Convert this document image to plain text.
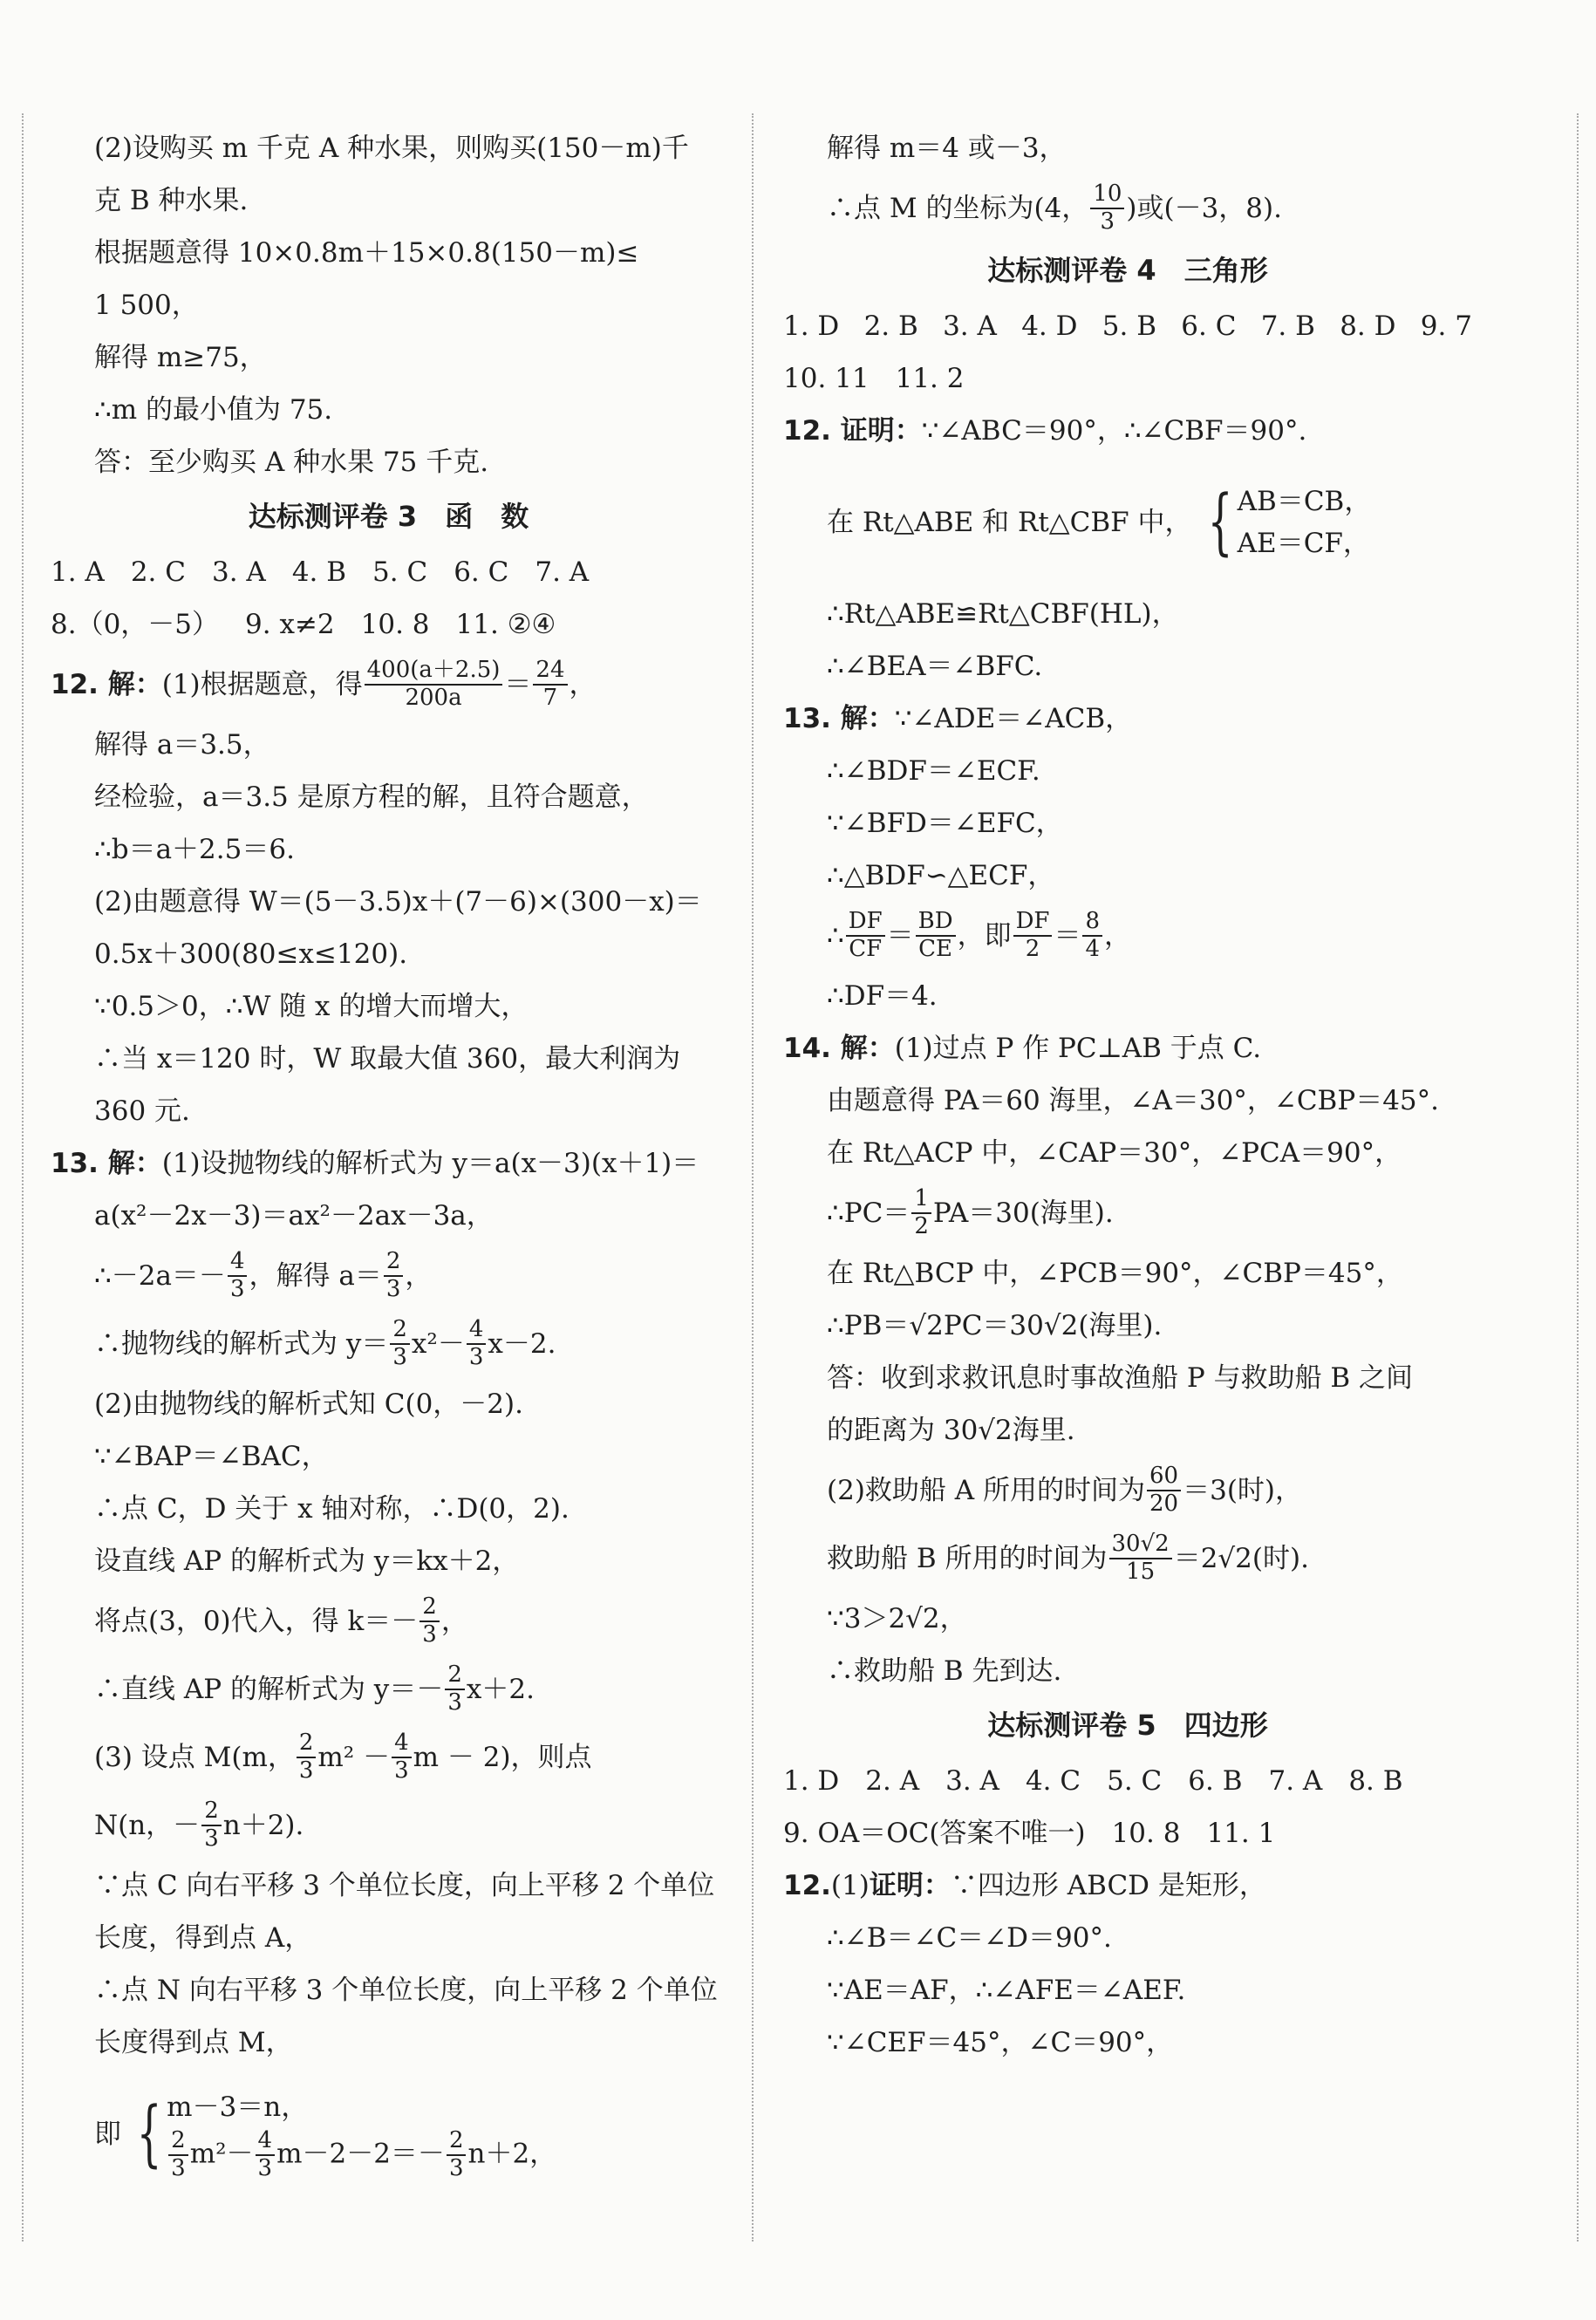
(2)设购买 m 千克 A 种水果，则购买(150－m)千
克 B 种水果.
根据题意得 10×0.8m＋15×0.8(150－m)≤
1 500，
解得 m≥75，
∴m 的最小值为 75.
答：至少购买 A 种水果 75 千克.
达标测评卷 3　函　数
1. A 2. C 3. A 4. B 5. C 6. C 7. A
8.（0，－5） 9. x≠2 10. 8 11. ②④
12. 解： (1)根据题意，得 $\frac{400(a+2.5)}{200a} = \frac{24}{7}$ ，
解得 a＝3.5，
经检验，a＝3.5 是原方程的解，且符合题意，
∴b＝a＋2.5＝6.
(2)由题意得 W＝(5－3.5)x＋(7－6)×(300－x)＝
0.5x＋300(80≤x≤120).
∵0.5＞0，∴W 随 x 的增大而增大，
∴当 x＝120 时，W 取最大值 360，最大利润为
360 元.
13. 解： (1)设抛物线的解析式为 y＝a(x－3)(x＋1)＝
a(x²－2x－3)＝ax²－2ax－3a，
∴－2a＝－ $\frac{4}{3}$ ，解得 $a= \frac{2}{3}$ ，
∴抛物线的解析式为 $y= \frac{2}{3} x^2- \frac{4}{3} x-2$.
(2)由抛物线的解析式知 C(0，－2).
∵∠BAP＝∠BAC，
∴点 C，D 关于 x 轴对称，∴D(0，2).
设直线 AP 的解析式为 y＝kx＋2，
将点(3，0)代入，得 $k=- \frac{2}{3}$ ，
∴直线 AP 的解析式为 $y=- \frac{2}{3} x+2$.
(3) 设点 M(m， $\frac{2}{3} m^2 - \frac{4}{3}$ m － 2)，则点
N(n，－ $\frac{2}{3} n+2$).
∵点 C 向右平移 3 个单位长度，向上平移 2 个单位
长度，得到点 A，
∴点 N 向右平移 3 个单位长度，向上平移 2 个单位
长度得到点 M，
即 { m－3＝n，
$\frac{2}{3} m^2- \frac{4}{3} m-2-2=- \frac{2}{3} n+2$，
解得 m＝4 或－3，
∴点 M 的坐标为(4， $\frac{10}{3}$ )或(－3，8).
达标测评卷 4　三角形
1. D 2. B 3. A 4. D 5. B 6. C 7. B 8. D 9. 7
10. 11 11. 2
12. 证明： ∵∠ABC＝90°，∴∠CBF＝90°.
在 Rt△ABE 和 Rt△CBF 中， { AB＝CB，
AE＝CF，
∴Rt△ABE≌Rt△CBF(HL)，
∴∠BEA＝∠BFC.
13. 解： ∵∠ADE＝∠ACB，
∴∠BDF＝∠ECF.
∵∠BFD＝∠EFC，
∴△BDF∽△ECF，
∴ $\frac{DF}{CF} = \frac{BD}{CE}$ ，即 $\frac{DF}{2} = \frac{8}{4}$ ，
∴DF＝4.
14. 解： (1)过点 P 作 PC⊥AB 于点 C.
由题意得 PA＝60 海里，∠A＝30°，∠CBP＝45°.
在 Rt△ACP 中，∠CAP＝30°，∠PCA＝90°，
∴PC＝ $\frac{1}{2} PA=30$(海里).
在 Rt△BCP 中，∠PCB＝90°，∠CBP＝45°，
∴PB＝√2PC＝30√2(海里).
答：收到求救讯息时事故渔船 P 与救助船 B 之间
的距离为 30√2海里.
(2)救助船 A 所用的时间为 $\frac{60}{20} =3$(时)，
救助船 B 所用的时间为 $\frac{30√2}{15} =2√2$(时).
∵3＞2√2，
∴救助船 B 先到达.
达标测评卷 5　四边形
1. D 2. A 3. A 4. C 5. C 6. B 7. A 8. B
9. OA＝OC(答案不唯一) 10. 8 11. 1
12. (1) 证明： ∵四边形 ABCD 是矩形，
∴∠B＝∠C＝∠D＝90°.
∵AE＝AF，∴∠AFE＝∠AEF.
∵∠CEF＝45°，∠C＝90°，
